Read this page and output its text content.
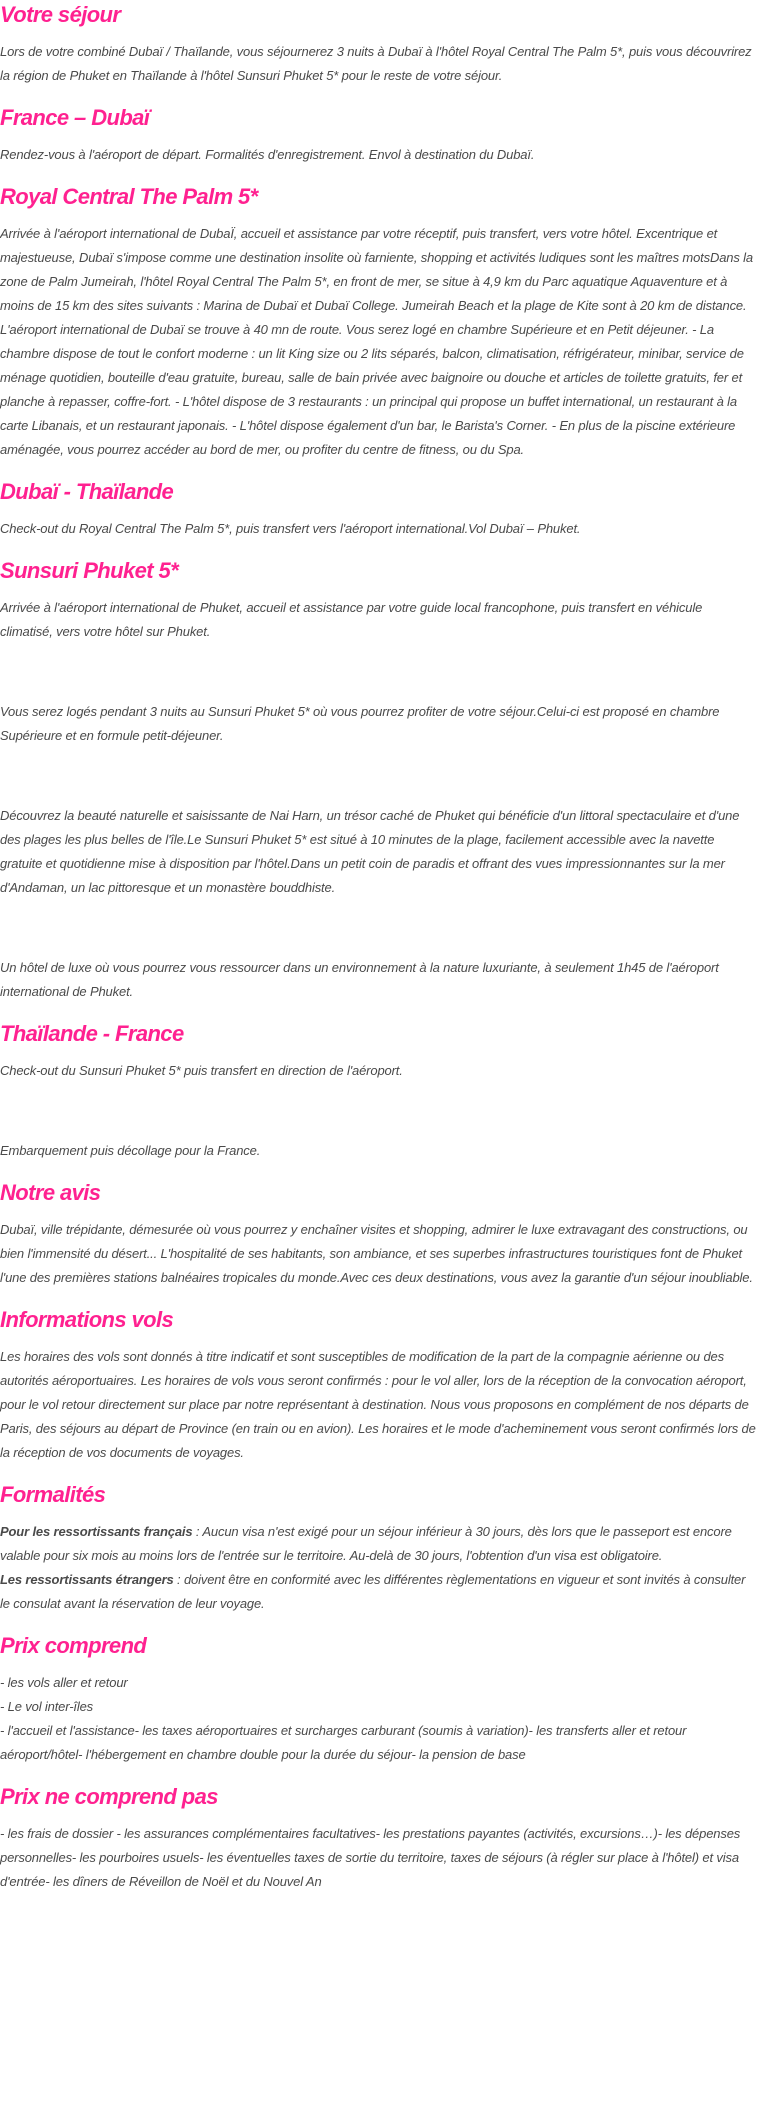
Votre séjour

Lors de votre combiné Dubaï / Thaïlande, vous séjournerez 3 nuits à Dubaï à l'hôtel Royal Central The Palm 5*, puis vous découvrirez la région de Phuket en Thaïlande à l'hôtel Sunsuri Phuket 5* pour le reste de votre séjour.

France – Dubaï

Rendez-vous à l'aéroport de départ. Formalités d'enregistrement. Envol à destination du Dubaï.

Royal Central The Palm 5*

Arrivée à l'aéroport international de DubaÏ, accueil et assistance par votre réceptif, puis transfert, vers votre hôtel. Excentrique et majestueuse, Dubaï s'impose comme une destination insolite où farniente, shopping et activités ludiques sont les maîtres motsDans la zone de Palm Jumeirah, l'hôtel Royal Central The Palm 5*, en front de mer, se situe à 4,9 km du Parc aquatique Aquaventure et à moins de 15 km des sites suivants : Marina de Dubaï et Dubaï College. Jumeirah Beach et la plage de Kite sont à 20 km de distance. L'aéroport international de Dubaï se trouve à 40 mn de route. Vous serez logé en chambre Supérieure et en Petit déjeuner. - La chambre dispose de tout le confort moderne : un lit King size ou 2 lits séparés, balcon, climatisation, réfrigérateur, minibar, service de ménage quotidien, bouteille d'eau gratuite, bureau, salle de bain privée avec baignoire ou douche et articles de toilette gratuits, fer et planche à repasser, coffre-fort. - L'hôtel dispose de 3 restaurants : un principal qui propose un buffet international, un restaurant à la carte Libanais, et un restaurant japonais. - L'hôtel dispose également d'un bar, le Barista's Corner. - En plus de la piscine extérieure aménagée, vous pourrez accéder au bord de mer, ou profiter du centre de fitness, ou du Spa.

Dubaï - Thaïlande

Check-out du Royal Central The Palm 5*, puis transfert vers l'aéroport international.Vol Dubaï – Phuket.

Sunsuri Phuket 5*

Arrivée à l'aéroport international de Phuket, accueil et assistance par votre guide local francophone, puis transfert en véhicule climatisé, vers votre hôtel sur Phuket.

Vous serez logés pendant 3 nuits au Sunsuri Phuket 5* où vous pourrez profiter de votre séjour.Celui-ci est proposé en chambre Supérieure et en formule petit-déjeuner.

Découvrez la beauté naturelle et saisissante de Nai Harn, un trésor caché de Phuket qui bénéficie d'un littoral spectaculaire et d'une des plages les plus belles de l'île.Le Sunsuri Phuket 5* est situé à 10 minutes de la plage, facilement accessible avec la navette gratuite et quotidienne mise à disposition par l'hôtel.Dans un petit coin de paradis et offrant des vues impressionnantes sur la mer d'Andaman, un lac pittoresque et un monastère bouddhiste.

Un hôtel de luxe où vous pourrez vous ressourcer dans un environnement à la nature luxuriante, à seulement 1h45 de l'aéroport international de Phuket.

Thaïlande - France

Check-out du Sunsuri Phuket 5* puis transfert en direction de l'aéroport.

Embarquement puis décollage pour la France.

Notre avis

Dubaï, ville trépidante, démesurée où vous pourrez y enchaîner visites et shopping, admirer le luxe extravagant des constructions, ou bien l'immensité du désert... L'hospitalité de ses habitants, son ambiance, et ses superbes infrastructures touristiques font de Phuket l'une des premières stations balnéaires tropicales du monde.Avec ces deux destinations, vous avez la garantie d'un séjour inoubliable.

Informations vols

Les horaires des vols sont donnés à titre indicatif et sont susceptibles de modification de la part de la compagnie aérienne ou des autorités aéroportuaires. Les horaires de vols vous seront confirmés : pour le vol aller, lors de la réception de la convocation aéroport, pour le vol retour directement sur place par notre représentant à destination. Nous vous proposons en complément de nos départs de Paris, des séjours au départ de Province (en train ou en avion). Les horaires et le mode d'acheminement vous seront confirmés lors de la réception de vos documents de voyages.

Formalités

Pour les ressortissants français : Aucun visa n'est exigé pour un séjour inférieur à 30 jours, dès lors que le passeport est encore valable pour six mois au moins lors de l'entrée sur le territoire. Au-delà de 30 jours, l'obtention d'un visa est obligatoire.
Les ressortissants étrangers : doivent être en conformité avec les différentes règlementations en vigueur et sont invités à consulter le consulat avant la réservation de leur voyage.

Prix comprend

- les vols aller et retour
- Le vol inter-îles
- l'accueil et l'assistance- les taxes aéroportuaires et surcharges carburant (soumis à variation)- les transferts aller et retour aéroport/hôtel- l'hébergement en chambre double pour la durée du séjour- la pension de base

Prix ne comprend pas

- les frais de dossier - les assurances complémentaires facultatives- les prestations payantes (activités, excursions…)- les dépenses personnelles- les pourboires usuels- les éventuelles taxes de sortie du territoire, taxes de séjours (à régler sur place à l'hôtel) et visa d'entrée- les dîners de Réveillon de Noël et du Nouvel An
